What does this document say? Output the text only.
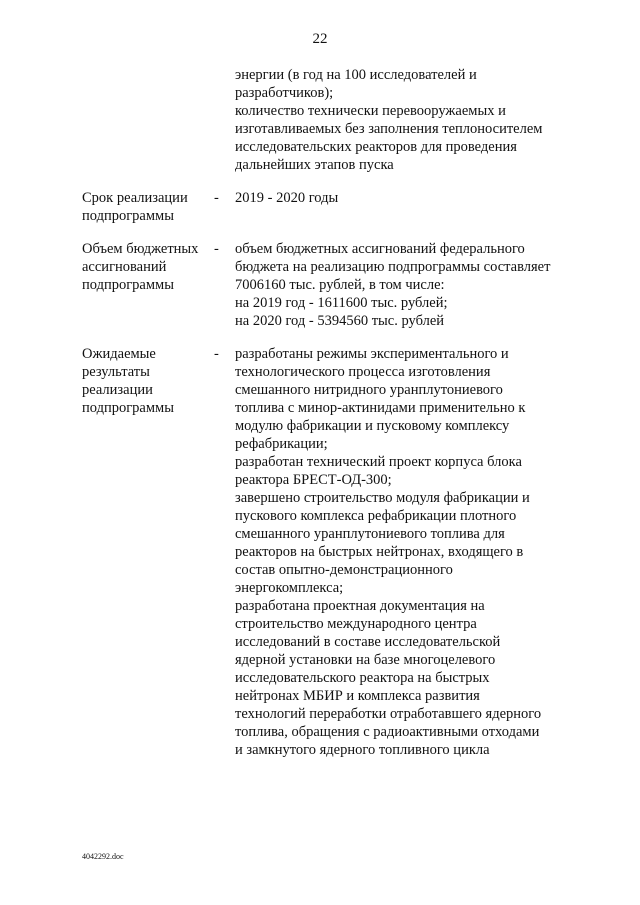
22
энергии (в год на 100 исследователей и
разработчиков);
количество технически перевооружаемых и
изготавливаемых без заполнения теплоносителем
исследовательских реакторов для проведения
дальнейших этапов пуска
Срок реализации
подпрограммы
-	2019 - 2020 годы
Объем бюджетных
ассигнований
подпрограммы
-	объем бюджетных ассигнований федерального
бюджета на реализацию подпрограммы составляет
7006160 тыс. рублей, в том числе:
на 2019 год - 1611600 тыс. рублей;
на 2020 год - 5394560 тыс. рублей
Ожидаемые
результаты
реализации
подпрограммы
-	разработаны режимы экспериментального и
технологического процесса изготовления
смешанного нитридного уранплутониевого
топлива с минор-актинидами применительно к
модулю фабрикации и пусковому комплексу
рефабрикации;
разработан технический проект корпуса блока
реактора БРЕСТ-ОД-300;
завершено строительство модуля фабрикации и
пускового комплекса рефабрикации плотного
смешанного уранплутониевого топлива для
реакторов на быстрых нейтронах, входящего в
состав опытно-демонстрационного
энергокомплекса;
разработана проектная документация на
строительство международного центра
исследований в составе исследовательской
ядерной установки на базе многоцелевого
исследовательского реактора на быстрых
нейтронах МБИР и комплекса развития
технологий переработки отработавшего ядерного
топлива, обращения с радиоактивными отходами
и замкнутого ядерного топливного цикла
4042292.doc
